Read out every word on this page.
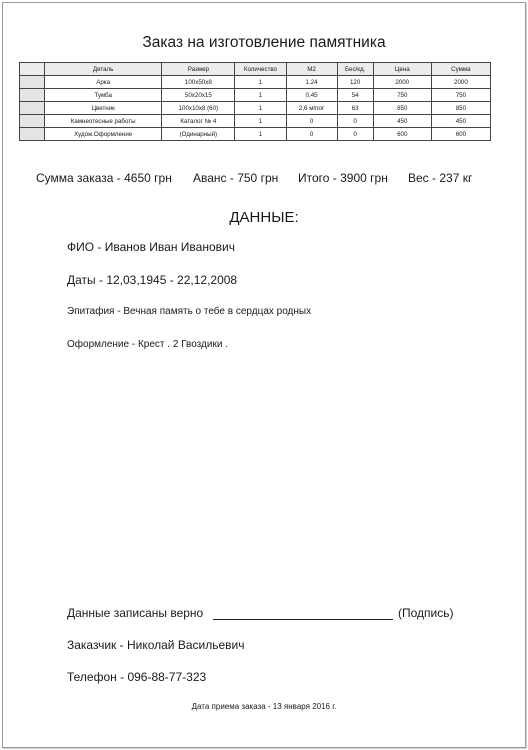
Заказ на изготовление памятника
	Деталь	Размер	Количество	М2	Бес/кд.	Цена	Сумма
	Арка	100х50х8	1	1,24	120	2000	2000
	Тумба	50х20х15	1	0,45	54	750	750
	Цветник	100х10х8 (60)	1	2,6 м/пог	63	850	850
	Камнеотесные работы	Каталог № 4	1	0	0	450	450
	Худож.Оформление	(Одинарный)	1	0	0	600	600
Сумма заказа - 4650 грн Аванс - 750 грн Итого - 3900 грн Вес - 237 кг
ДАННЫЕ:
ФИО - Иванов Иван Иванович
Даты - 12,03,1945 - 22,12,2008
Эпитафия - Вечная память о тебе в сердцах родных
Оформление - Крест . 2 Гвоздики .
Данные записаны верно	(Подпись)
Заказчик - Николай Васильевич
Телефон - 096-88-77-323
Дата приема заказа - 13 января 2016 г.
